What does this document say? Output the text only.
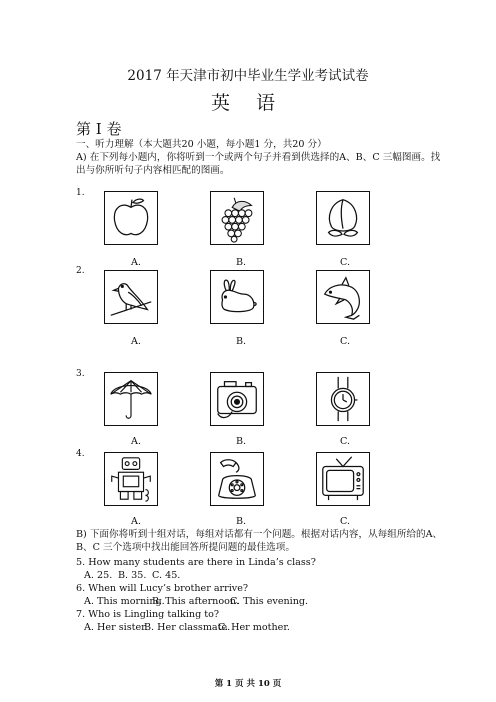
2017 年天津市初中毕业生学业考试试卷
英 语
第 I 卷
一、听力理解（本大题共20 小题，每小题1 分，共20 分）
A) 在下列每小题内，你将听到一个或两个句子并看到供选择的A、B、C 三幅图画。找
出与你所听句子内容相匹配的图画。
1.
A.	B.	C.
2.
A.	B.	C.
3.
A.	B.	C.
4.
A.	B.	C.
B) 下面你将听到十组对话，每组对话都有一个问题。根据对话内容，从每组所给的A、
B、C 三个选项中找出能回答所提问题的最佳选项。
5. How many students are there in Linda’s class?
A. 25. B. 35. C. 45.
6. When will Lucy’s brother arrive?
A. This morning.
B. This afternoon.
C. This evening.
7. Who is Lingling talking to?
A. Her sister.
B. Her classmate.
C. Her mother.
第 1 页 共 10 页
